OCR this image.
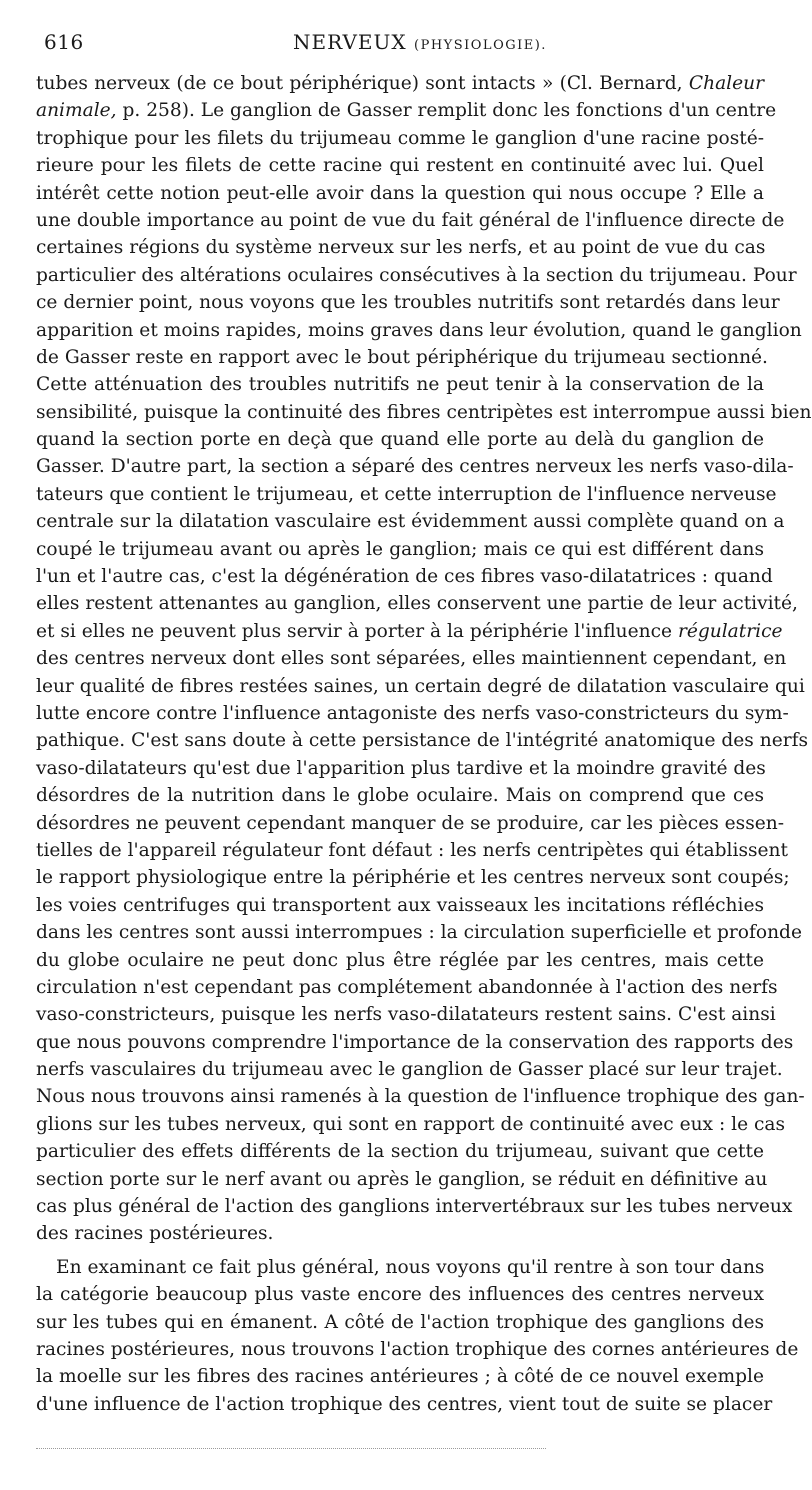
616	NERVEUX (PHYSIOLOGIE).
tubes nerveux (de ce bout périphérique) sont intacts » (Cl. Bernard, Chaleur
animale, p. 258). Le ganglion de Gasser remplit donc les fonctions d'un centre
trophique pour les filets du trijumeau comme le ganglion d'une racine posté-
rieure pour les filets de cette racine qui restent en continuité avec lui. Quel
intérêt cette notion peut-elle avoir dans la question qui nous occupe ? Elle a
une double importance au point de vue du fait général de l'influence directe de
certaines régions du système nerveux sur les nerfs, et au point de vue du cas
particulier des altérations oculaires consécutives à la section du trijumeau. Pour
ce dernier point, nous voyons que les troubles nutritifs sont retardés dans leur
apparition et moins rapides, moins graves dans leur évolution, quand le ganglion
de Gasser reste en rapport avec le bout périphérique du trijumeau sectionné.
Cette atténuation des troubles nutritifs ne peut tenir à la conservation de la
sensibilité, puisque la continuité des fibres centripètes est interrompue aussi bien
quand la section porte en deçà que quand elle porte au delà du ganglion de
Gasser. D'autre part, la section a séparé des centres nerveux les nerfs vaso-dila-
tateurs que contient le trijumeau, et cette interruption de l'influence nerveuse
centrale sur la dilatation vasculaire est évidemment aussi complète quand on a
coupé le trijumeau avant ou après le ganglion; mais ce qui est différent dans
l'un et l'autre cas, c'est la dégénération de ces fibres vaso-dilatatrices : quand
elles restent attenantes au ganglion, elles conservent une partie de leur activité,
et si elles ne peuvent plus servir à porter à la périphérie l'influence régulatrice
des centres nerveux dont elles sont séparées, elles maintiennent cependant, en
leur qualité de fibres restées saines, un certain degré de dilatation vasculaire qui
lutte encore contre l'influence antagoniste des nerfs vaso-constricteurs du sym-
pathique. C'est sans doute à cette persistance de l'intégrité anatomique des nerfs
vaso-dilatateurs qu'est due l'apparition plus tardive et la moindre gravité des
désordres de la nutrition dans le globe oculaire. Mais on comprend que ces
désordres ne peuvent cependant manquer de se produire, car les pièces essen-
tielles de l'appareil régulateur font défaut : les nerfs centripètes qui établissent
le rapport physiologique entre la périphérie et les centres nerveux sont coupés;
les voies centrifuges qui transportent aux vaisseaux les incitations réfléchies
dans les centres sont aussi interrompues : la circulation superficielle et profonde
du globe oculaire ne peut donc plus être réglée par les centres, mais cette
circulation n'est cependant pas complétement abandonnée à l'action des nerfs
vaso-constricteurs, puisque les nerfs vaso-dilatateurs restent sains. C'est ainsi
que nous pouvons comprendre l'importance de la conservation des rapports des
nerfs vasculaires du trijumeau avec le ganglion de Gasser placé sur leur trajet.
Nous nous trouvons ainsi ramenés à la question de l'influence trophique des gan-
glions sur les tubes nerveux, qui sont en rapport de continuité avec eux : le cas
particulier des effets différents de la section du trijumeau, suivant que cette
section porte sur le nerf avant ou après le ganglion, se réduit en définitive au
cas plus général de l'action des ganglions intervertébraux sur les tubes nerveux
des racines postérieures.
En examinant ce fait plus général, nous voyons qu'il rentre à son tour dans
la catégorie beaucoup plus vaste encore des influences des centres nerveux
sur les tubes qui en émanent. A côté de l'action trophique des ganglions des
racines postérieures, nous trouvons l'action trophique des cornes antérieures de
la moelle sur les fibres des racines antérieures ; à côté de ce nouvel exemple
d'une influence de l'action trophique des centres, vient tout de suite se placer
